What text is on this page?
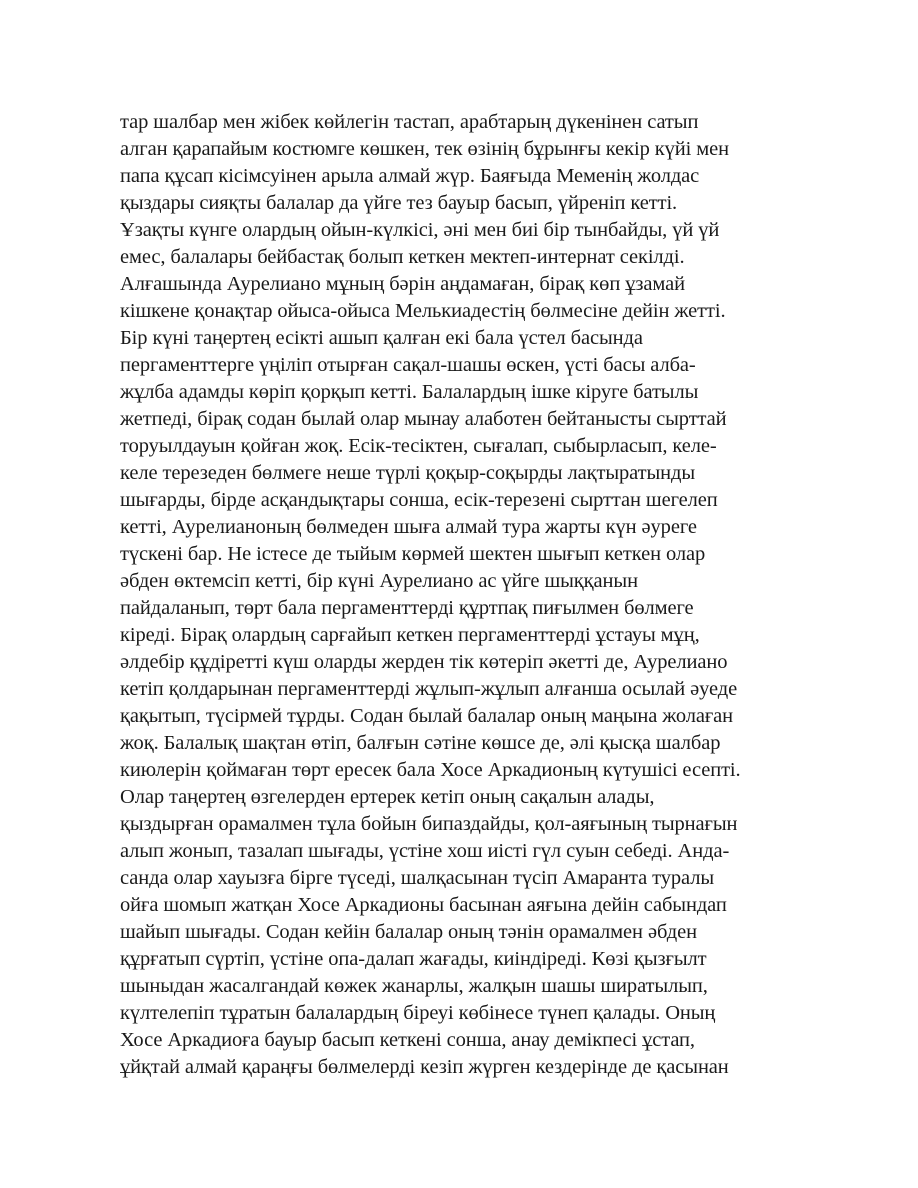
тар шалбар мен жібек көйлегін тастап, арабтарың дүкенінен сатып
алган қарапайым костюмге көшкен, тек өзінің бұрынғы кекір күйі мен
папа құсап кісімсуінен арыла алмай жүр. Баяғыда Меменің жолдас
қыздары сияқты балалар да үйге тез бауыр басып, үйреніп кетті.
Ұзақты күнге олардың ойын-күлкісі, әні мен биі бір тынбайды, үй үй
емес, балалары бейбастақ болып кеткен мектеп-интернат секілді.
Алғашында Аурелиано мұның бәрін аңдамаған, бірақ көп ұзамай
кішкене қонақтар ойыса-ойыса Мелькиадестің бөлмесіне дейін жетті.
Бір күні таңертең есікті ашып қалған екі бала үстел басында
пергаменттерге үңіліп отырған сақал-шашы өскен, үсті басы алба-
жұлба адамды көріп қорқып кетті. Балалардың ішке кіруге батылы
жетпеді, бірақ содан былай олар мынау алаботен бейтанысты сырттай
торуылдауын қойған жоқ. Есік-тесіктен, сығалап, сыбырласып, келе-
келе терезеден бөлмеге неше түрлі қоқыр-соқырды лақтыратынды
шығарды, бірде асқандықтары сонша, есік-терезені сырттан шегелеп
кетті, Аурелианоның бөлмеден шыға алмай тура жарты күн әуреге
түскені бар. Не істесе де тыйым көрмей шектен шығып кеткен олар
әбден өктемсіп кетті, бір күні Аурелиано ас үйге шыққанын
пайдаланып, төрт бала пергаменттерді құртпақ пиғылмен бөлмеге
кіреді. Бірақ олардың сарғайып кеткен пергаменттерді ұстауы мұң,
әлдебір құдіретті күш оларды жерден тік көтеріп әкетті де, Аурелиано
кетіп қолдарынан пергаменттерді жұлып-жұлып алғанша осылай әуеде
қақытып, түсірмей тұрды. Содан былай балалар оның маңына жолаған
жоқ. Балалық шақтан өтіп, балғын сәтіне көшсе де, әлі қысқа шалбар
киюлерін қоймаған төрт ересек бала Хосе Аркадионың күтушісі есепті.
Олар таңертең өзгелерден ертерек кетіп оның сақалын алады,
қыздырған орамалмен тұла бойын бипаздайды, қол-аяғының тырнағын
алып жонып, тазалап шығады, үстіне хош иісті гүл суын себеді. Анда-
санда олар хауызға бірге түседі, шалқасынан түсіп Амаранта туралы
ойға шомып жатқан Хосе Аркадионы басынан аяғына дейін сабындап
шайып шығады. Содан кейін балалар оның тәнін орамалмен әбден
құрғатып сүртіп, үстіне опа-далап жағады, киіндіреді. Көзі қызғылт
шыныдан жасалгандай көжек жанарлы, жалқын шашы ширатылып,
күлтелепіп тұратын балалардың біреуі көбінесе түнеп қалады. Оның
Хосе Аркадиоға бауыр басып кеткені сонша, анау демікпесі ұстап,
ұйқтай алмай қараңғы бөлмелерді кезіп жүрген кездерінде де қасынан
